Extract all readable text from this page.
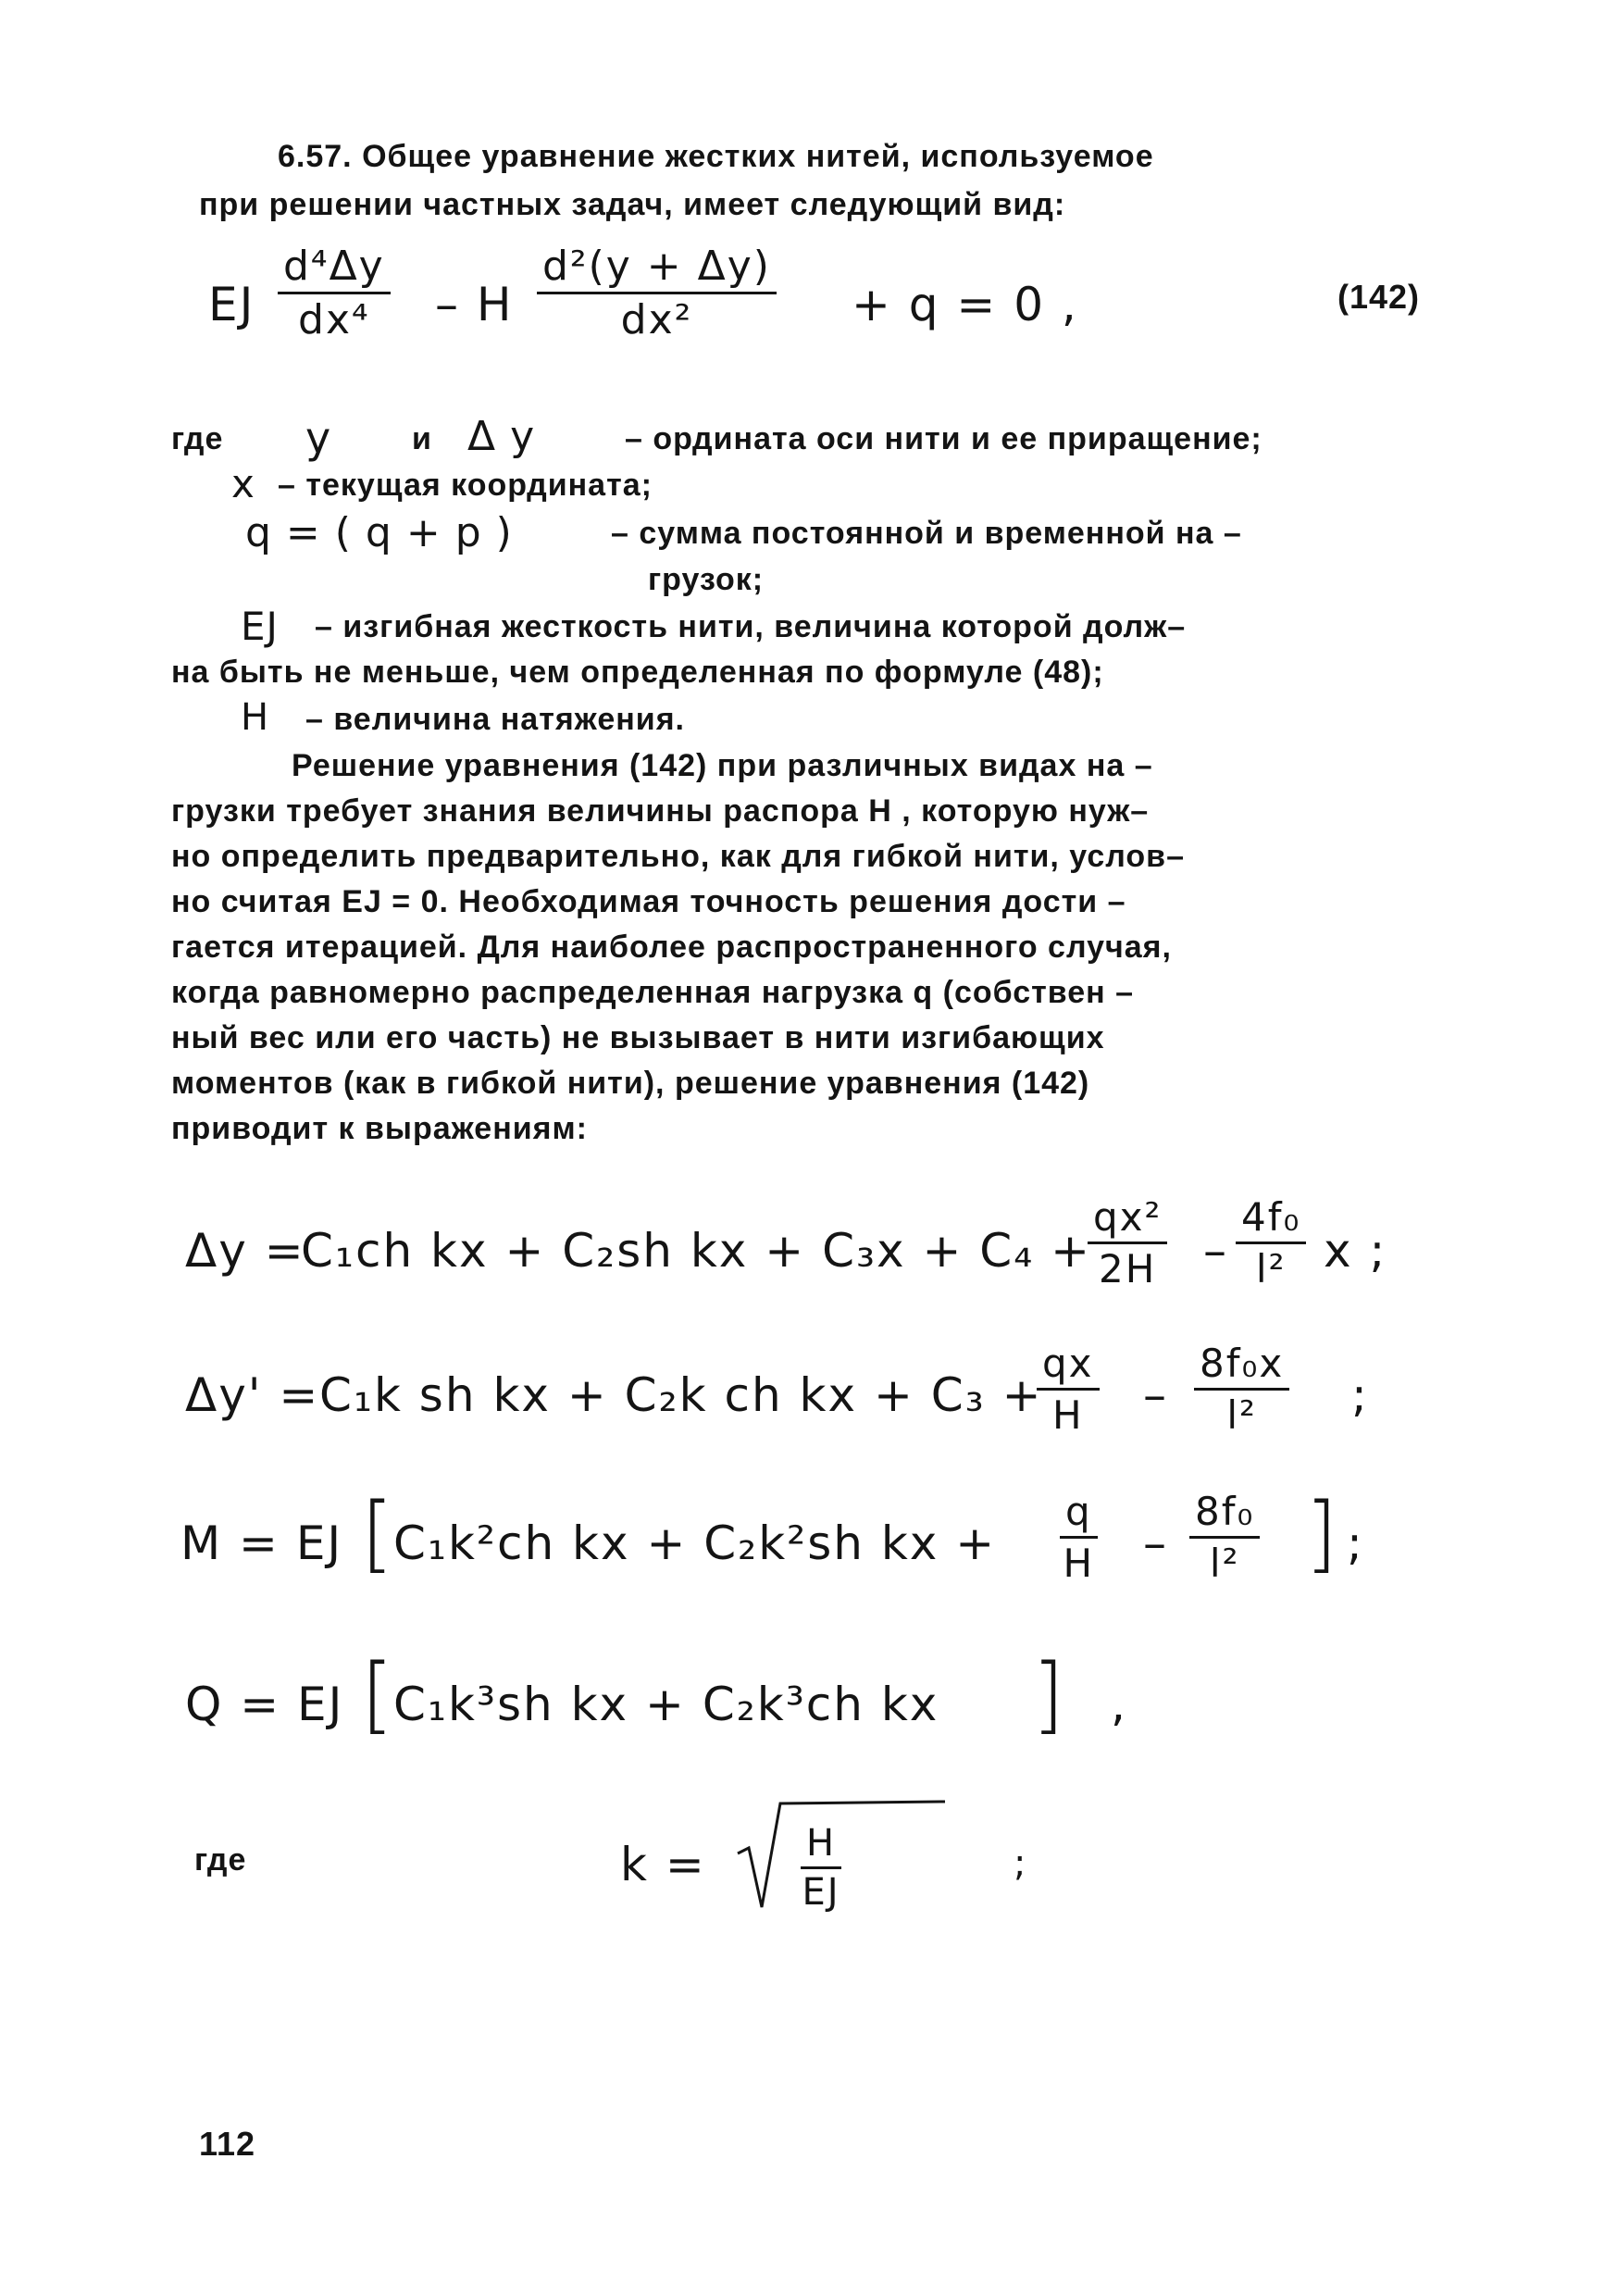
6.57. Общее уравнение жестких нитей, используемое
при решении частных задач, имеет следующий вид:
EJ $\frac{\text{d⁴Δy}}{\text{dx⁴}} - H \frac{\text{d²(y + Δy)}}{\text{dx²}} + q = 0$ ,	(142)
где y	и Δ y	– ордината оси нити и ее приращение;
x – текущая координата;
q = ( q + p )	– сумма постоянной и временной на –
грузок;
EJ – изгибная жесткость нити, величина которой долж–
на быть не меньше, чем определенная по формуле (48);
H – величина натяжения.
Решение уравнения (142) при различных видах на –
грузки требует знания величины распора H , которую нуж–
но определить предварительно, как для гибкой нити, услов–
но считая EJ = 0. Необходимая точность решения дости –
гается итерацией. Для наиболее распространенного случая,
когда равномерно распределенная нагрузка q (собствен –
ный вес или его часть) не вызывает в нити изгибающих
моментов (как в гибкой нити), решение уравнения (142)
приводит к выражениям:
Δy =
C₁ch kx + C₂sh kx + C₃x + C₄ +
$\frac{\text{qx²}}{2H} - \frac{\text{4f₀}}{\text{l²}}$ x ;
Δy' = C₁k sh kx + C₂k ch kx + C₃ +
$\frac{qx}{H} - \frac{\text{8f₀x}}{\text{l²}}$ ;
M = EJ [
C₁k²ch kx + C₂k²sh kx + $\frac{q}{H} - \frac{\text{8f₀}}{\text{l²}}$ ] ;
Q = EJ [
C₁k³sh kx + C₂k³ch kx ] ,
где	k =	$\frac{H}{EJ}$	;
112
